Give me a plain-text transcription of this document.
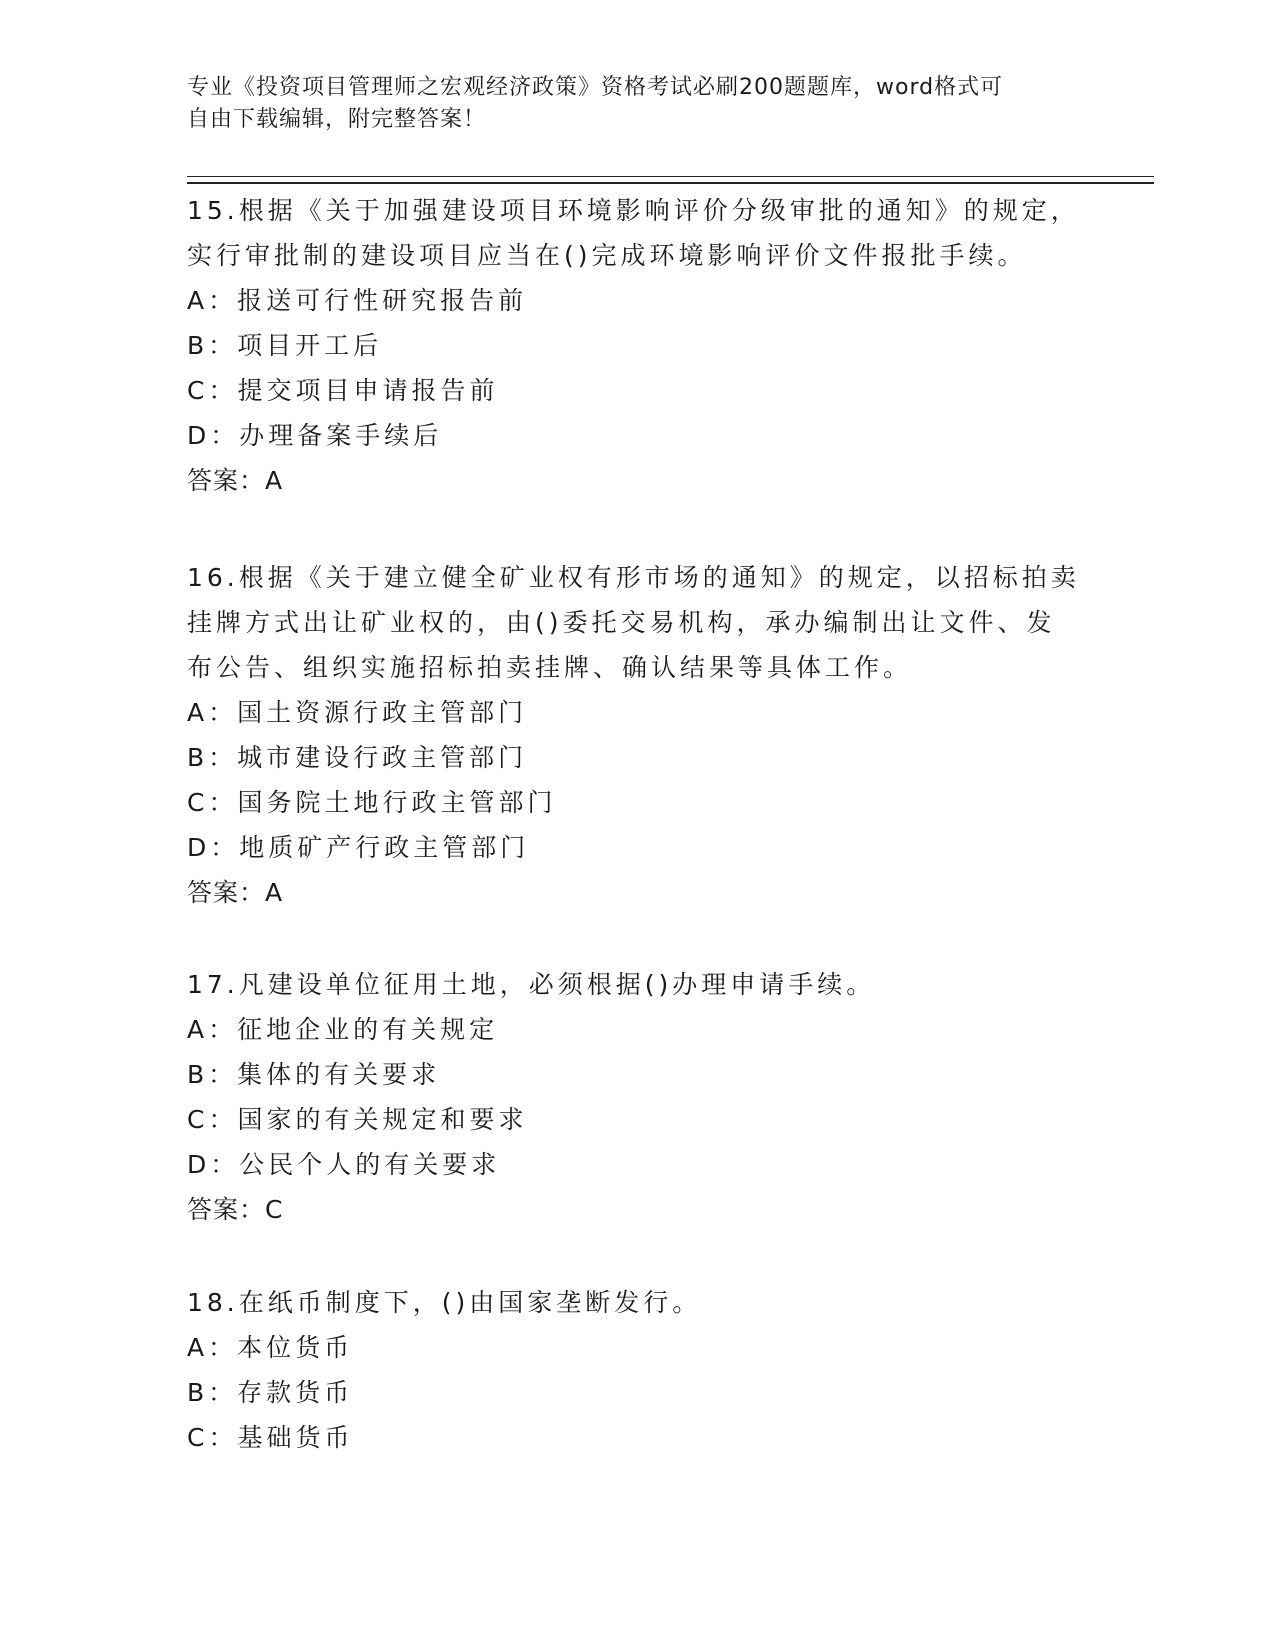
专业《投资项目管理师之宏观经济政策》资格考试必刷200题题库，word格式可
自由下载编辑，附完整答案！
15.根据《关于加强建设项目环境影响评价分级审批的通知》的规定，
实行审批制的建设项目应当在()完成环境影响评价文件报批手续。
A：报送可行性研究报告前
B：项目开工后
C：提交项目申请报告前
D：办理备案手续后
答案：A
16.根据《关于建立健全矿业权有形市场的通知》的规定，以招标拍卖
挂牌方式出让矿业权的，由()委托交易机构，承办编制出让文件、发
布公告、组织实施招标拍卖挂牌、确认结果等具体工作。
A：国土资源行政主管部门
B：城市建设行政主管部门
C：国务院土地行政主管部门
D：地质矿产行政主管部门
答案：A
17.凡建设单位征用土地，必须根据()办理申请手续。
A：征地企业的有关规定
B：集体的有关要求
C：国家的有关规定和要求
D：公民个人的有关要求
答案：C
18.在纸币制度下，()由国家垄断发行。
A：本位货币
B：存款货币
C：基础货币
